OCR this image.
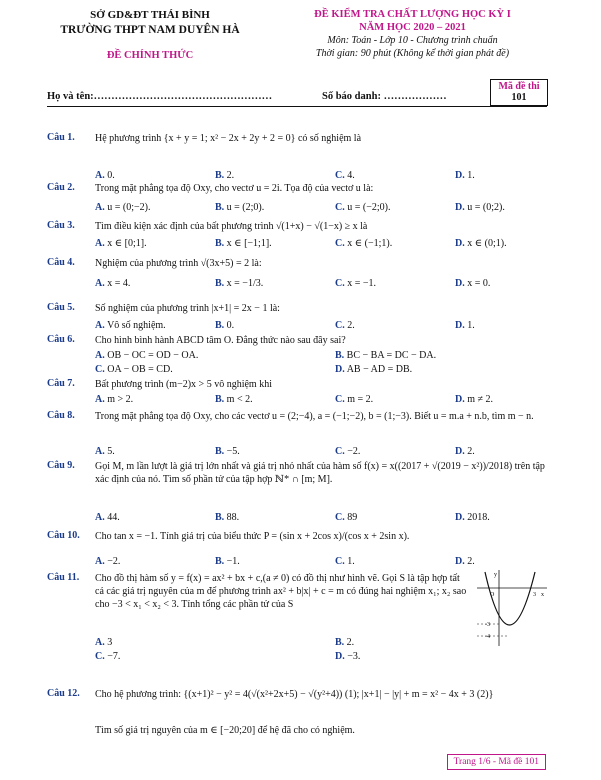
SỞ GD&ĐT THÁI BÌNH
TRƯỜNG THPT NAM DUYÊN HÀ
ĐỀ CHÍNH THỨC
ĐỀ KIỂM TRA CHẤT LƯỢNG HỌC KỲ I
NĂM HỌC 2020 – 2021
Môn: Toán - Lớp 10 - Chương trình chuẩn
Thời gian: 90 phút (Không kể thời gian phát đề)
Mã đề thi
101
Họ và tên:……………………………………………	Số báo danh: ………………
Câu 1. Hệ phương trình {x + y = 1; x² − 2x + 2y + 2 = 0} có số nghiệm là
Câu 2. Trong mặt phẳng tọa độ Oxy, cho vectơ u = 2i. Tọa độ của vectơ u là:
Câu 3. Tìm điều kiện xác định của bất phương trình √(1+x) − √(1−x) ≥ x là
Câu 4. Nghiệm của phương trình √(3x+5) = 2 là:
Câu 5. Số nghiệm của phương trình |x+1| = 2x − 1 là:
Câu 6. Cho hình bình hành ABCD tâm O. Đẳng thức nào sau đây sai?
Câu 7. Bất phương trình (m−2)x > 5 vô nghiệm khi
Câu 8. Trong mặt phẳng tọa độ Oxy, cho các vectơ u = (2;−4), a = (−1;−2), b = (1;−3). Biết u = m.a + n.b, tìm m − n.
Câu 9. Gọi M, m lần lượt là giá trị lớn nhất và giá trị nhỏ nhất của hàm số f(x) = x((2017 + √(2019 − x²))/2018) trên tập xác định của nó. Tìm số phần tử của tập hợp ℕ* ∩ [m; M].
Câu 10. Cho tan x = −1. Tính giá trị của biểu thức P = (sin x + 2cos x)/(cos x + 2sin x).
Câu 11. Cho đồ thị hàm số y = f(x) = ax² + bx + c,(a ≠ 0) có đồ thị như hình vẽ. Gọi S là tập hợp tất cả các giá trị nguyên của m để phương trình ax² + b|x| + c = m có đúng hai nghiệm x₁; x₂ sao cho −3 < x₁ < x₂ < 3. Tính tổng các phần tử của S
Câu 12. Cho hệ phương trình: {(x+1)² − y² = 4(√(x²+2x+5) − √(y²+4)) (1); |x+1| − |y| + m = x² − 4x + 3 (2)}
Tìm số giá trị nguyên của m ∈ [−20;20] để hệ đã cho có nghiệm.
y
O	3 x
-3
-4
Trang 1/6 - Mã đề 101
A. 0.	B. 2.	C. 4.	D. 1.
A. u = (0;−2).	B. u = (2;0).	C. u = (−2;0).	D. u = (0;2).
A. x ∈ [0;1].	B. x ∈ [−1;1].	C. x ∈ (−1;1).	D. x ∈ (0;1).
A. x = 4.	B. x = −1/3.	C. x = −1.	D. x = 0.
A. Vô số nghiệm.	B. 0.	C. 2.	D. 1.
A. OB − OC = OD − OA.	B. BC − BA = DC − DA.
C. OA − OB = CD.	D. AB − AD = DB.
A. m > 2.	B. m < 2.	C. m = 2.	D. m ≠ 2.
A. 5.	B. −5.	C. −2.	D. 2.
A. 44.	B. 88.	C. 89	D. 2018.
A. −2.	B. −1.	C. 1.	D. 2.
A. 3	B. 2.
C. −7.	D. −3.
